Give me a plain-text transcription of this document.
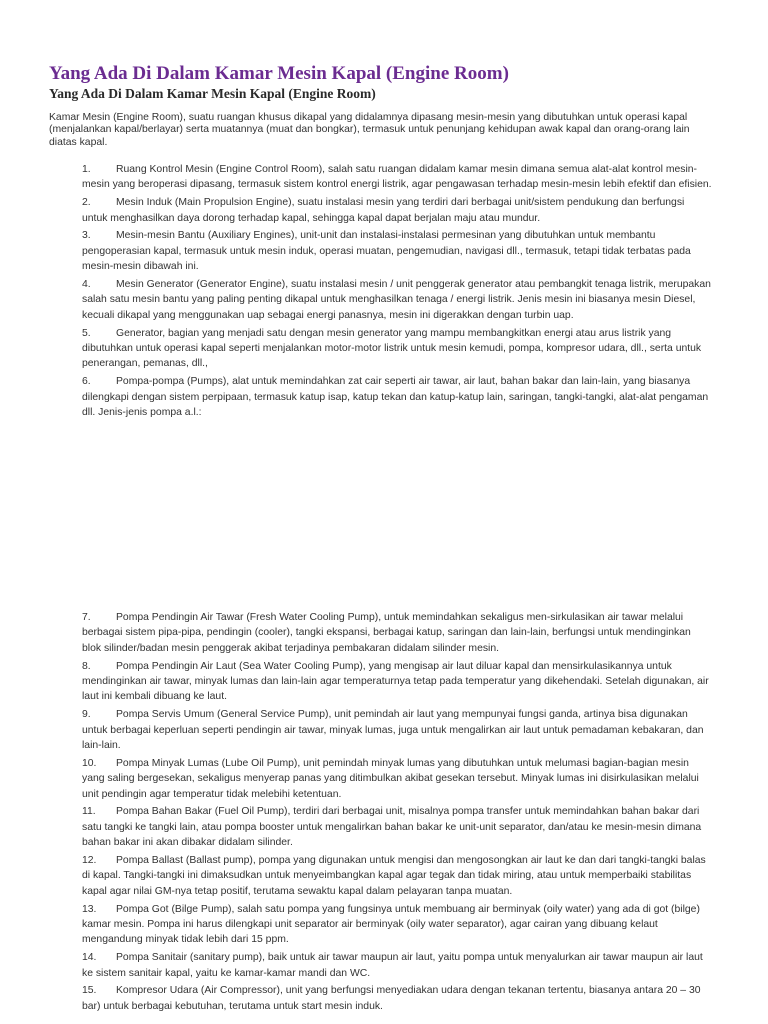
Yang Ada Di Dalam Kamar Mesin Kapal (Engine Room)
Yang Ada Di Dalam Kamar Mesin Kapal (Engine Room)

Kamar Mesin (Engine Room), suatu ruangan khusus dikapal yang didalamnya dipasang mesin-mesin yang dibutuhkan untuk operasi kapal (menjalankan kapal/berlayar) serta muatannya (muat dan bongkar), termasuk untuk penunjang kehidupan awak kapal dan orang-orang lain diatas kapal.

1. Ruang Kontrol Mesin (Engine Control Room), salah satu ruangan didalam kamar mesin dimana semua alat-alat kontrol mesin-mesin yang beroperasi dipasang, termasuk sistem kontrol energi listrik, agar pengawasan terhadap mesin-mesin lebih efektif dan efisien.
2. Mesin Induk (Main Propulsion Engine), suatu instalasi mesin yang terdiri dari berbagai unit/sistem pendukung dan berfungsi untuk menghasilkan daya dorong terhadap kapal, sehingga kapal dapat berjalan maju atau mundur.
3. Mesin-mesin Bantu (Auxiliary Engines), unit-unit dan instalasi-instalasi permesinan yang dibutuhkan untuk membantu pengoperasian kapal, termasuk untuk mesin induk, operasi muatan, pengemudian, navigasi dll., termasuk, tetapi tidak terbatas pada mesin-mesin dibawah ini.
4. Mesin Generator (Generator Engine), suatu instalasi mesin / unit penggerak generator atau pembangkit tenaga listrik, merupakan salah satu mesin bantu yang paling penting dikapal untuk menghasilkan tenaga / energi listrik. Jenis mesin ini biasanya mesin Diesel, kecuali dikapal yang menggunakan uap sebagai energi panasnya, mesin ini digerakkan dengan turbin uap.
5. Generator, bagian yang menjadi satu dengan mesin generator yang mampu membangkitkan energi atau arus listrik yang dibutuhkan untuk operasi kapal seperti menjalankan motor-motor listrik untuk mesin kemudi, pompa, kompresor udara, dll., serta untuk penerangan, pemanas, dll.,
6. Pompa-pompa (Pumps), alat untuk memindahkan zat cair seperti air tawar, air laut, bahan bakar dan lain-lain, yang biasanya dilengkapi dengan sistem perpipaan, termasuk katup isap, katup tekan dan katup-katup lain, saringan, tangki-tangki, alat-alat pengaman dll. Jenis-jenis pompa a.l.:
7. Pompa Pendingin Air Tawar (Fresh Water Cooling Pump), untuk memindahkan sekaligus men-sirkulasikan air tawar melalui berbagai sistem pipa-pipa, pendingin (cooler), tangki ekspansi, berbagai katup, saringan dan lain-lain, berfungsi untuk mendinginkan blok silinder/badan mesin penggerak akibat terjadinya pembakaran didalam silinder mesin.
8. Pompa Pendingin Air Laut (Sea Water Cooling Pump), yang mengisap air laut diluar kapal dan mensirkulasikannya untuk mendinginkan air tawar, minyak lumas dan lain-lain agar temperaturnya tetap pada temperatur yang dikehendaki. Setelah digunakan, air laut ini kembali dibuang ke laut.
9. Pompa Servis Umum (General Service Pump), unit pemindah air laut yang mempunyai fungsi ganda, artinya bisa digunakan untuk berbagai keperluan seperti pendingin air tawar, minyak lumas, juga untuk mengalirkan air laut untuk pemadaman kebakaran, dan lain-lain.
10. Pompa Minyak Lumas (Lube Oil Pump), unit pemindah minyak lumas yang dibutuhkan untuk melumasi bagian-bagian mesin yang saling bergesekan, sekaligus menyerap panas yang ditimbulkan akibat gesekan tersebut. Minyak lumas ini disirkulasikan melalui unit pendingin agar temperatur tidak melebihi ketentuan.
11. Pompa Bahan Bakar (Fuel Oil Pump), terdiri dari berbagai unit, misalnya pompa transfer untuk memindahkan bahan bakar dari satu tangki ke tangki lain, atau pompa booster untuk mengalirkan bahan bakar ke unit-unit separator, dan/atau ke mesin-mesin dimana bahan bakar ini akan dibakar didalam silinder.
12. Pompa Ballast (Ballast pump), pompa yang digunakan untuk mengisi dan mengosongkan air laut ke dan dari tangki-tangki balas di kapal. Tangki-tangki ini dimaksudkan untuk menyeimbangkan kapal agar tegak dan tidak miring, atau untuk memperbaiki stabilitas kapal agar nilai GM-nya tetap positif, terutama sewaktu kapal dalam pelayaran tanpa muatan.
13. Pompa Got (Bilge Pump), salah satu pompa yang fungsinya untuk membuang air berminyak (oily water) yang ada di got (bilge) kamar mesin. Pompa ini harus dilengkapi unit separator air berminyak (oily water separator), agar cairan yang dibuang kelaut mengandung minyak tidak lebih dari 15 ppm.
14. Pompa Sanitair (sanitary pump), baik untuk air tawar maupun air laut, yaitu pompa untuk menyalurkan air tawar maupun air laut ke sistem sanitair kapal, yaitu ke kamar-kamar mandi dan WC.
15. Kompresor Udara (Air Compressor), unit yang berfungsi menyediakan udara dengan tekanan tertentu, biasanya antara 20 – 30 bar) untuk berbagai kebutuhan, terutama untuk start mesin induk.
